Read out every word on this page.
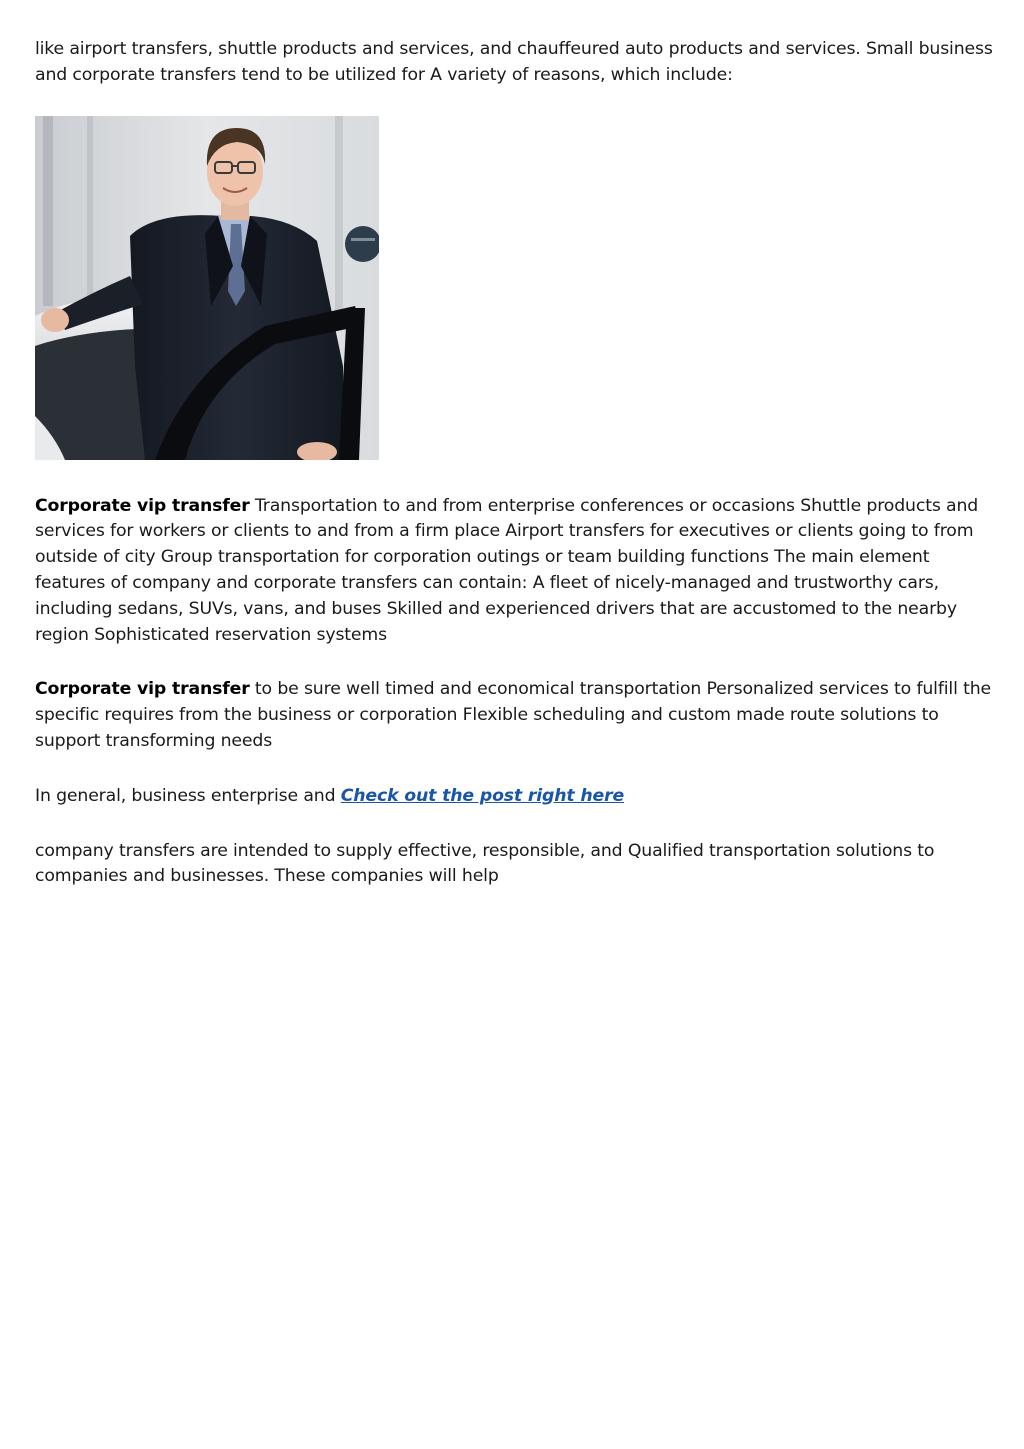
like airport transfers, shuttle products and services, and chauffeured auto products and services. Small business and corporate transfers tend to be utilized for A variety of reasons, which include:

Corporate vip transfer Transportation to and from enterprise conferences or occasions Shuttle products and services for workers or clients to and from a firm place Airport transfers for executives or clients going to from outside of city Group transportation for corporation outings or team building functions The main element features of company and corporate transfers can contain: A fleet of nicely-managed and trustworthy cars, including sedans, SUVs, vans, and buses Skilled and experienced drivers that are accustomed to the nearby region Sophisticated reservation systems

Corporate vip transfer to be sure well timed and economical transportation Personalized services to fulfill the specific requires from the business or corporation Flexible scheduling and custom made route solutions to support transforming needs

In general, business enterprise and Check out the post right here

company transfers are intended to supply effective, responsible, and Qualified transportation solutions to companies and businesses. These companies will help
